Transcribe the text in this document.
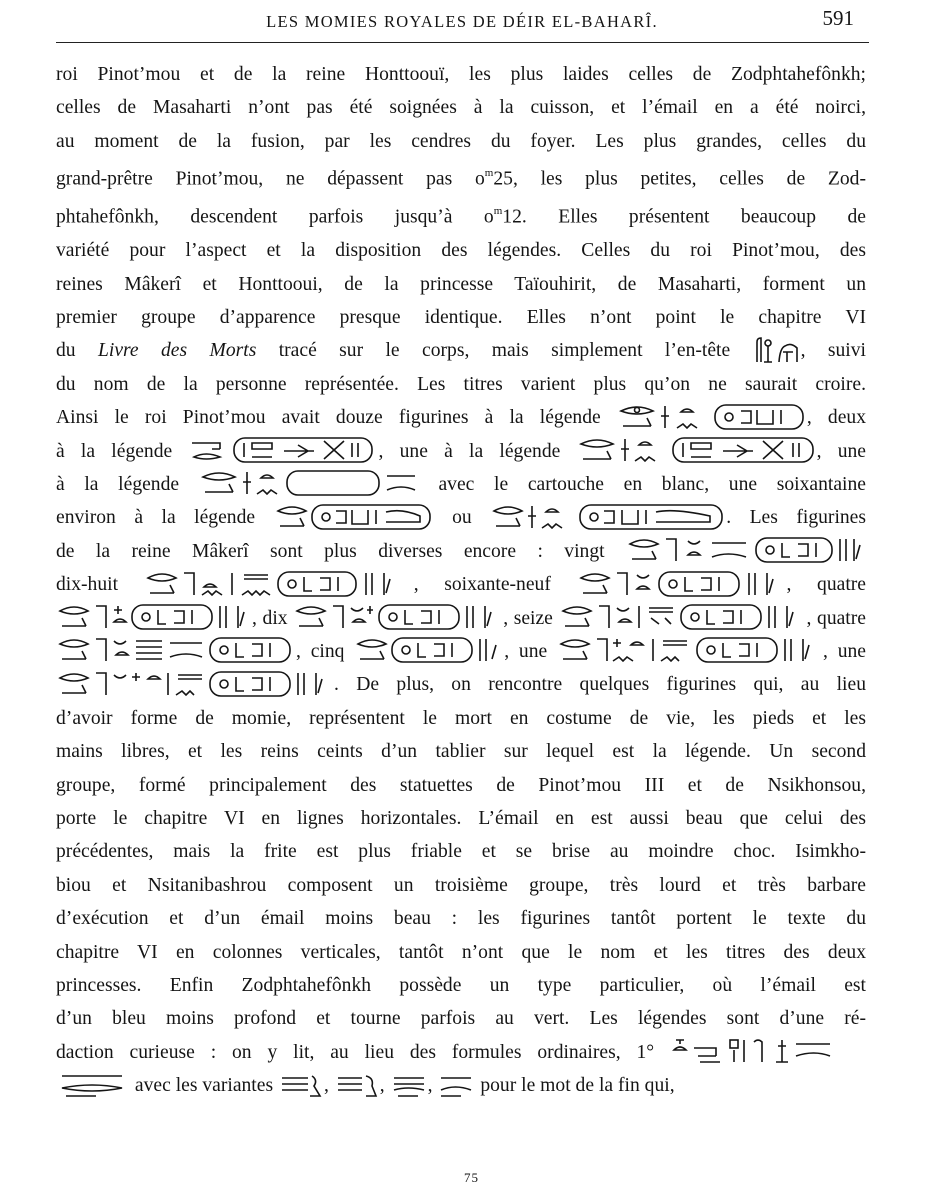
LES MOMIES ROYALES DE DÉIR EL-BAHARÎ.	591
roi Pinot’mou et de la reine Honttoouï, les plus laides celles de Zodphtahefônkh;
celles de Masaharti n’ont pas été soignées à la cuisson, et l’émail en a été noirci,
au moment de la fusion, par les cendres du foyer. Les plus grandes, celles du
grand-prêtre Pinot’mou, ne dépassent pas $o^m25$, les plus petites, celles de Zod-
phtahefônkh, descendent parfois jusqu’à $o^m12$. Elles présentent beaucoup de
variété pour l’aspect et la disposition des légendes. Celles du roi Pinot’mou, des
reines Mâkerî et Honttooui, de la princesse Taïouhirit, de Masaharti, forment un
premier groupe d’apparence presque identique. Elles n’ont point le chapitre VI
du Livre des Morts tracé sur le corps, mais simplement l’en-tête	, suivi
du nom de la personne représentée. Les titres varient plus qu’on ne saurait croire.
Ainsi le roi Pinot’mou avait douze figurines à la légende	, deux
à la légende	, une à la légende	, une
à la légende	avec le cartouche en blanc, une soixantaine
environ à la légende	ou	. Les figurines
de la reine Mâkerî sont plus diverses encore : vingt
dix-huit	, soixante-neuf	, quatre
, dix	, seize	, quatre
, cinq	, une	, une
. De plus, on rencontre quelques figurines qui, au lieu
d’avoir forme de momie, représentent le mort en costume de vie, les pieds et les
mains libres, et les reins ceints d’un tablier sur lequel est la légende. Un second
groupe, formé principalement des statuettes de Pinot’mou III et de Nsikhonsou,
porte le chapitre VI en lignes horizontales. L’émail en est aussi beau que celui des
précédentes, mais la frite est plus friable et se brise au moindre choc. Isimkho-
biou et Nsitanibashrou composent un troisième groupe, très lourd et très barbare
d’exécution et d’un émail moins beau : les figurines tantôt portent le texte du
chapitre VI en colonnes verticales, tantôt n’ont que le nom et les titres des deux
princesses. Enfin Zodphtahefônkh possède un type particulier, où l’émail est
d’un bleu moins profond et tourne parfois au vert. Les légendes sont d’une ré-
daction curieuse : on y lit, au lieu des formules ordinaires, 1°
avec les variantes	,	, , pour le mot de la fin qui,
75
